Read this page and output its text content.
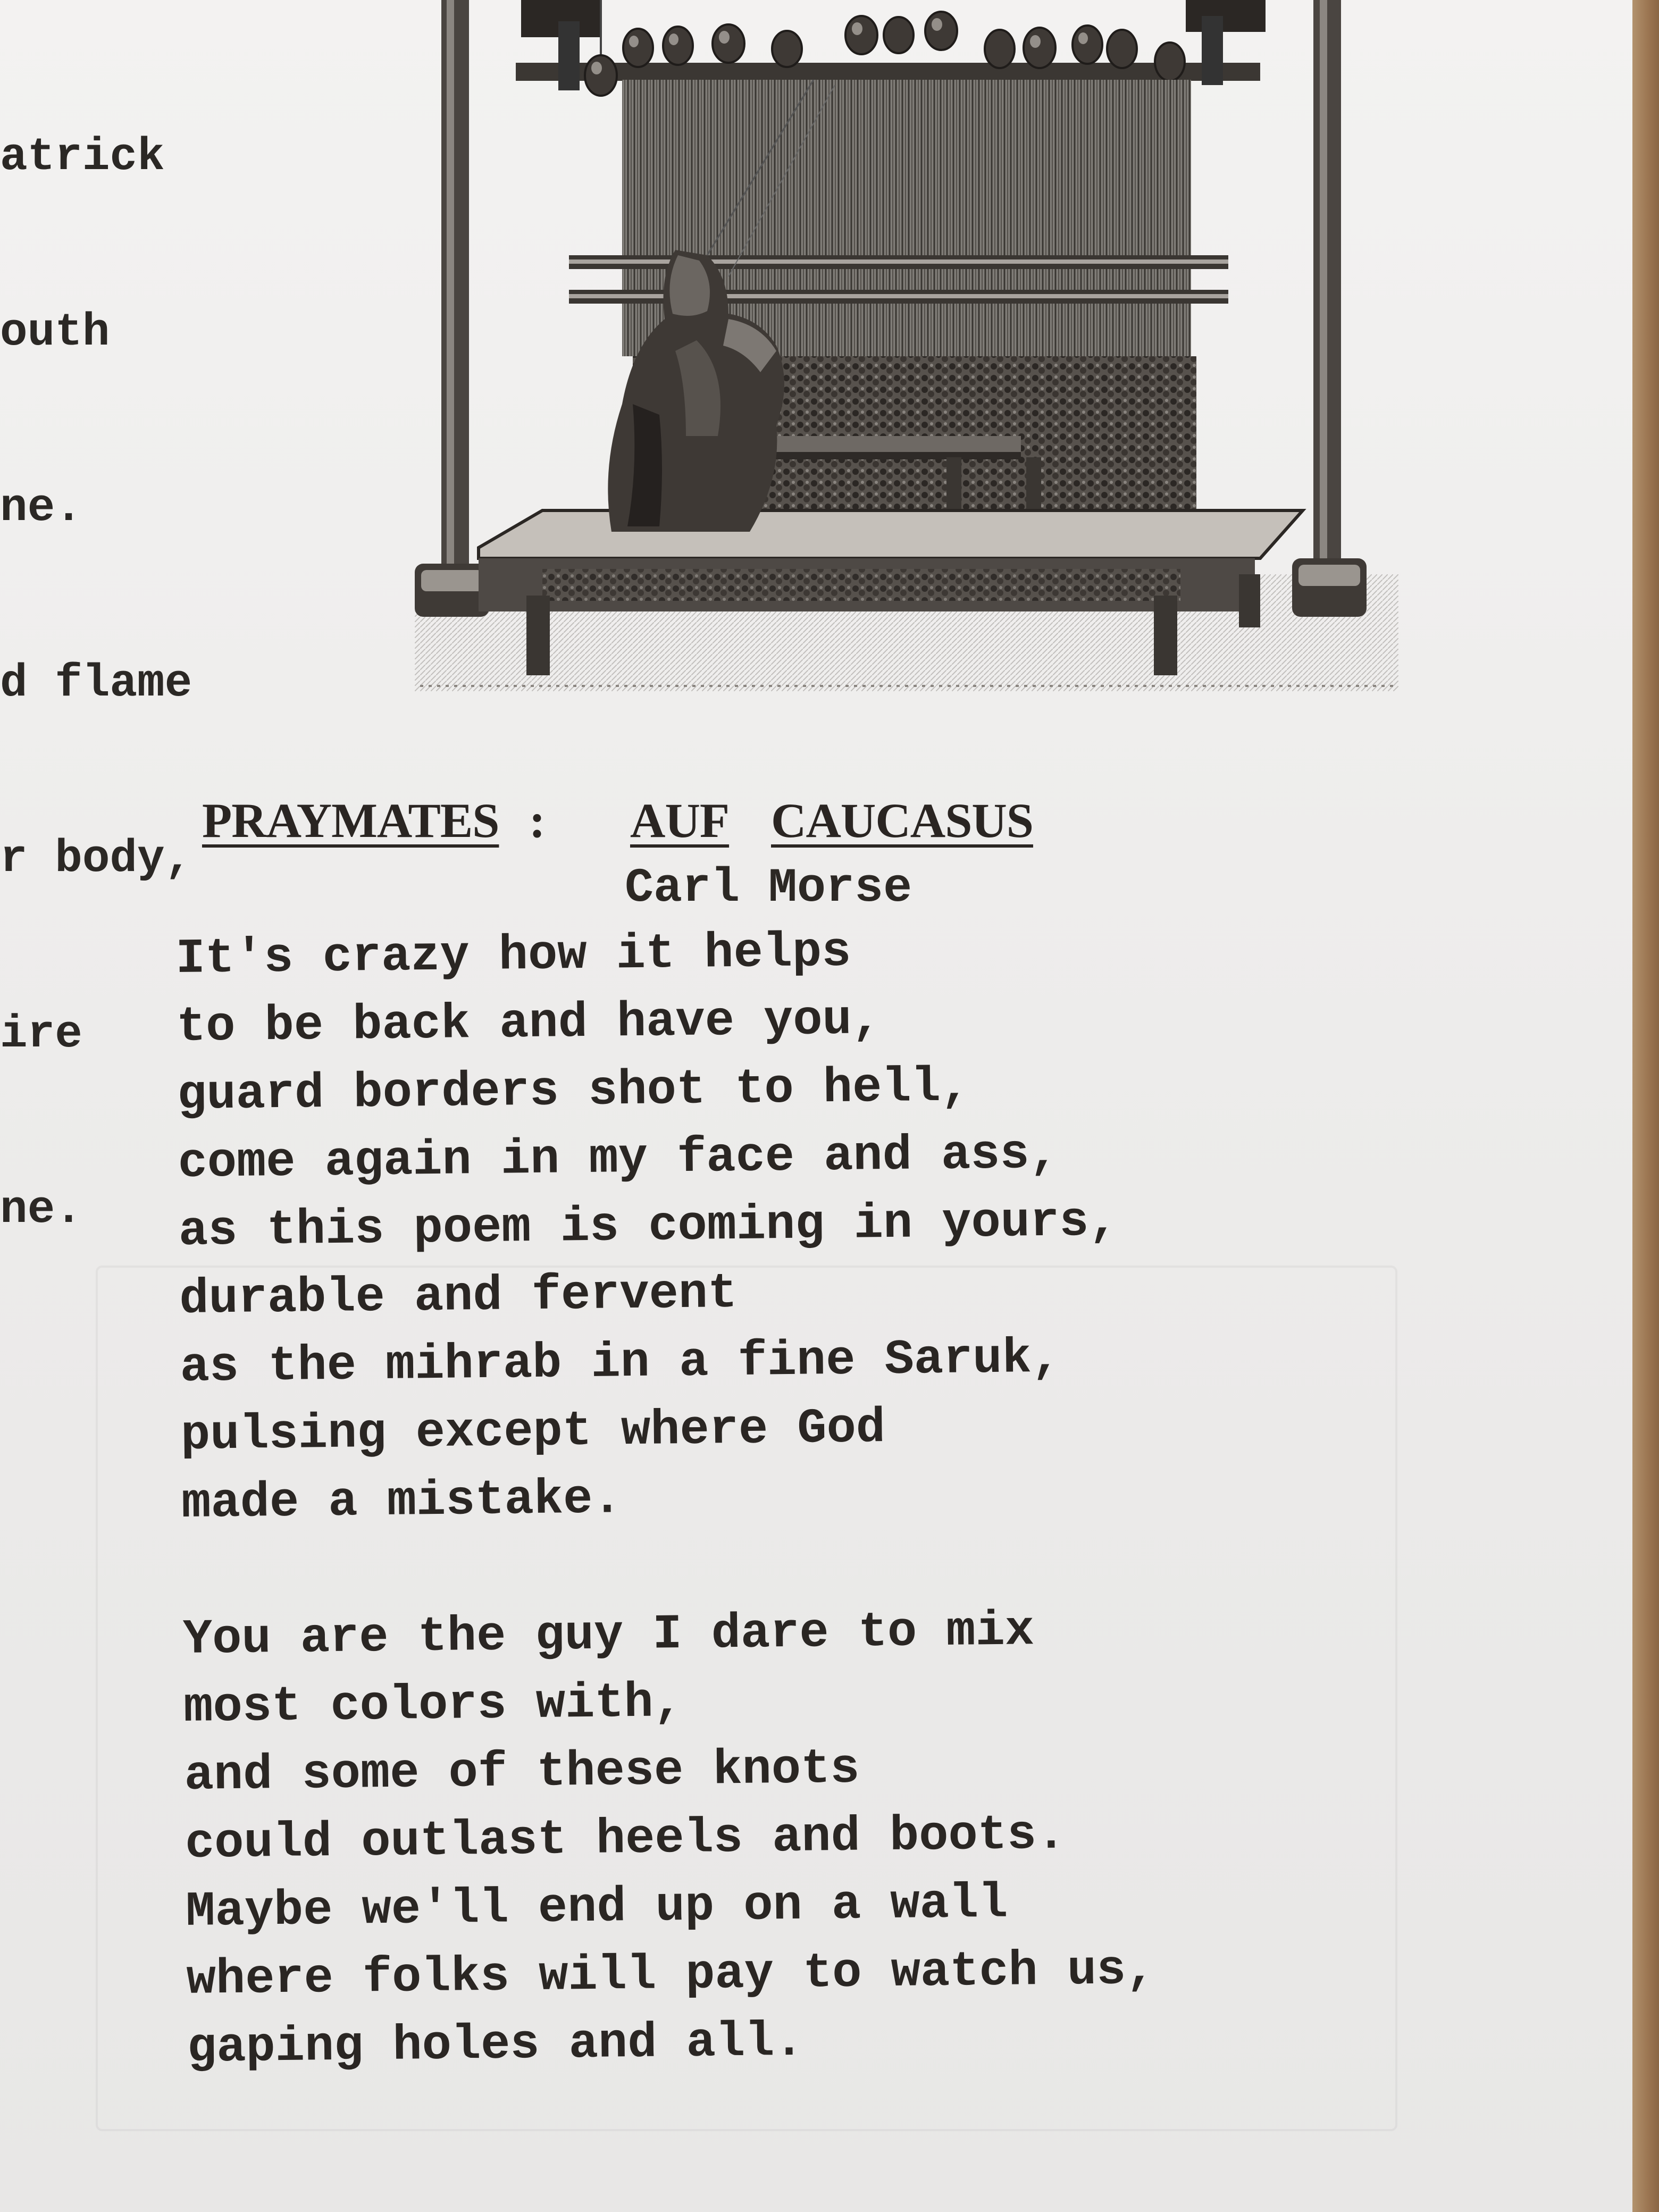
atrick

outh

ne.

d flame

r body,

ire

ne.

PRAYMATES

:

AUF

CAUCASUS

Carl Morse
It's crazy how it helps
to be back and have you,
guard borders shot to hell,
come again in my face and ass,
as this poem is coming in yours,
durable and fervent
as the mihrab in a fine Saruk,
pulsing except where God
made a mistake.
You are the guy I dare to mix
most colors with,
and some of these knots
could outlast heels and boots.
Maybe we'll end up on a wall
where folks will pay to watch us,
gaping holes and all.
